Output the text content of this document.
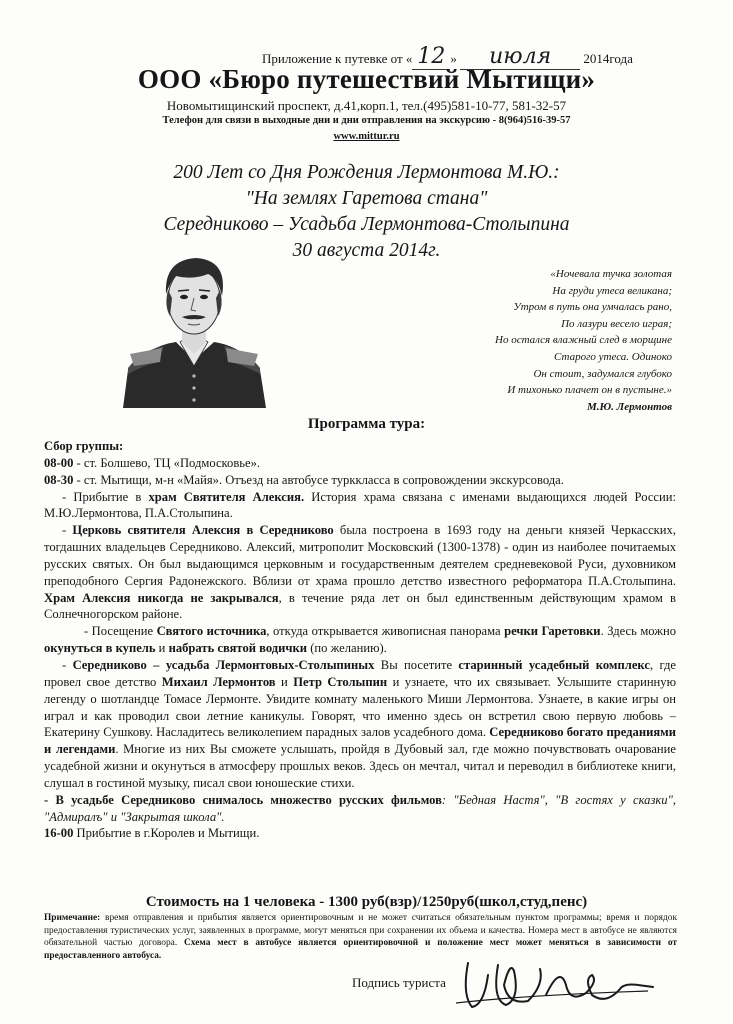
Приложение к путевке от « 12 » июля 2014года
ООО «Бюро путешествий Мытищи»
Новомытищинский проспект, д.41,корп.1, тел.(495)581-10-77, 581-32-57
Телефон для связи в выходные дни и дни отправления на экскурсию - 8(964)516-39-57
www.mittur.ru
200 Лет со Дня Рождения Лермонтова М.Ю.:
"На землях Гаретова стана"
Середниково – Усадьба Лермонтова-Столыпина
30 августа 2014г.
«Ночевала тучка золотая
На груди утеса великана;
Утром в путь она умчалась рано,
По лазури весело играя;
Но остался влажный след в морщине
Старого утеса. Одиноко
Он стоит, задумался глубоко
И тихонько плачет он в пустыне.»
М.Ю. Лермонтов
Программа тура:

Сбор группы:

08-00 - ст. Болшево, ТЦ «Подмосковье».

08-30 - ст. Мытищи, м-н «Майя». Отъезд на автобусе турккласса в сопровождении экскурсовода.

- Прибытие в храм Святителя Алексия. История храма связана с именами выдающихся людей России: М.Ю.Лермонтова, П.А.Столыпина.

- Церковь святителя Алексия в Середниково была построена в 1693 году на деньги князей Черкасских, тогдашних владельцев Середниково. Алексий, митрополит Московский (1300-1378) - один из наиболее почитаемых русских святых. Он был выдающимся церковным и государственным деятелем средневековой Руси, духовником преподобного Сергия Радонежского. Вблизи от храма прошло детство известного реформатора П.А.Столыпина. Храм Алексия никогда не закрывался, в течение ряда лет он был единственным действующим храмом в Солнечногорском районе.

- Посещение Святого источника, откуда открывается живописная панорама речки Гаретовки. Здесь можно окунуться в купель и набрать святой водички (по желанию).

- Середниково – усадьба Лермонтовых-Столыпиных Вы посетите старинный усадебный комплекс, где провел свое детство Михаил Лермонтов и Петр Столыпин и узнаете, что их связывает. Услышите старинную легенду о шотландце Томасе Лермонте. Увидите комнату маленького Миши Лермонтова. Узнаете, в какие игры он играл и как проводил свои летние каникулы. Говорят, что именно здесь он встретил свою первую любовь – Екатерину Сушкову. Насладитесь великолепием парадных залов усадебного дома. Середниково богато преданиями и легендами. Многие из них Вы сможете услышать, пройдя в Дубовый зал, где можно почувствовать очарование усадебной жизни и окунуться в атмосферу прошлых веков. Здесь он мечтал, читал и переводил в библиотеке книги, слушал в гостиной музыку, писал свои юношеские стихи.

- В усадьбе Середниково снималось множество русских фильмов: "Бедная Настя", "В гостях у сказки", "Адмиралъ" и "Закрытая школа".

16-00 Прибытие в г.Королев и Мытищи.

Стоимость на 1 человека - 1300 руб(взр)/1250руб(школ,студ,пенс)
Примечание: время отправления и прибытия является ориентировочным и не может считаться обязательным пунктом программы; время и порядок предоставления туристических услуг, заявленных в программе, могут меняться при сохранении их объема и качества. Номера мест в автобусе не являются обязательной частью договора. Схема мест в автобусе является ориентировочной и положение мест может меняться в зависимости от предоставленного автобуса.
Подпись туриста
